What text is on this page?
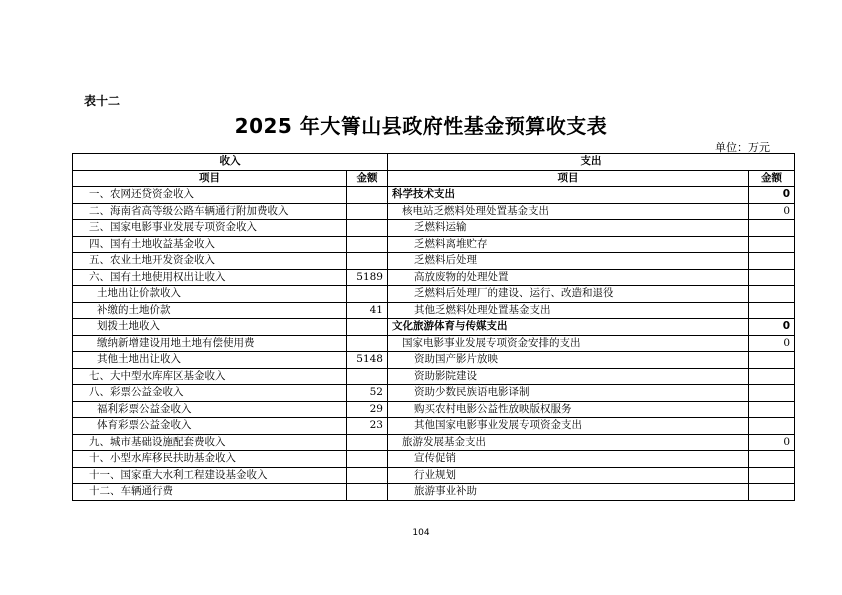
表十二
2025 年大箐山县政府性基金预算收支表
单位：万元
收入		支出	
项目	金额	项目	金额
一、农网还贷资金收入		科学技术支出	0
二、海南省高等级公路车辆通行附加费收入		核电站乏燃料处理处置基金支出	0
三、国家电影事业发展专项资金收入		乏燃料运输	
四、国有土地收益基金收入		乏燃料离堆贮存	
五、农业土地开发资金收入		乏燃料后处理	
六、国有土地使用权出让收入	5189	高放废物的处理处置	
土地出让价款收入		乏燃料后处理厂的建设、运行、改造和退役	
补缴的土地价款	41	其他乏燃料处理处置基金支出	
划拨土地收入		文化旅游体育与传媒支出	0
缴纳新增建设用地土地有偿使用费		国家电影事业发展专项资金安排的支出	0
其他土地出让收入	5148	资助国产影片放映	
七、大中型水库库区基金收入		资助影院建设	
八、彩票公益金收入	52	资助少数民族语电影译制	
福利彩票公益金收入	29	购买农村电影公益性放映版权服务	
体育彩票公益金收入	23	其他国家电影事业发展专项资金支出	
九、城市基础设施配套费收入		旅游发展基金支出	0
十、小型水库移民扶助基金收入		宣传促销	
十一、国家重大水利工程建设基金收入		行业规划	
十二、车辆通行费		旅游事业补助	
104
